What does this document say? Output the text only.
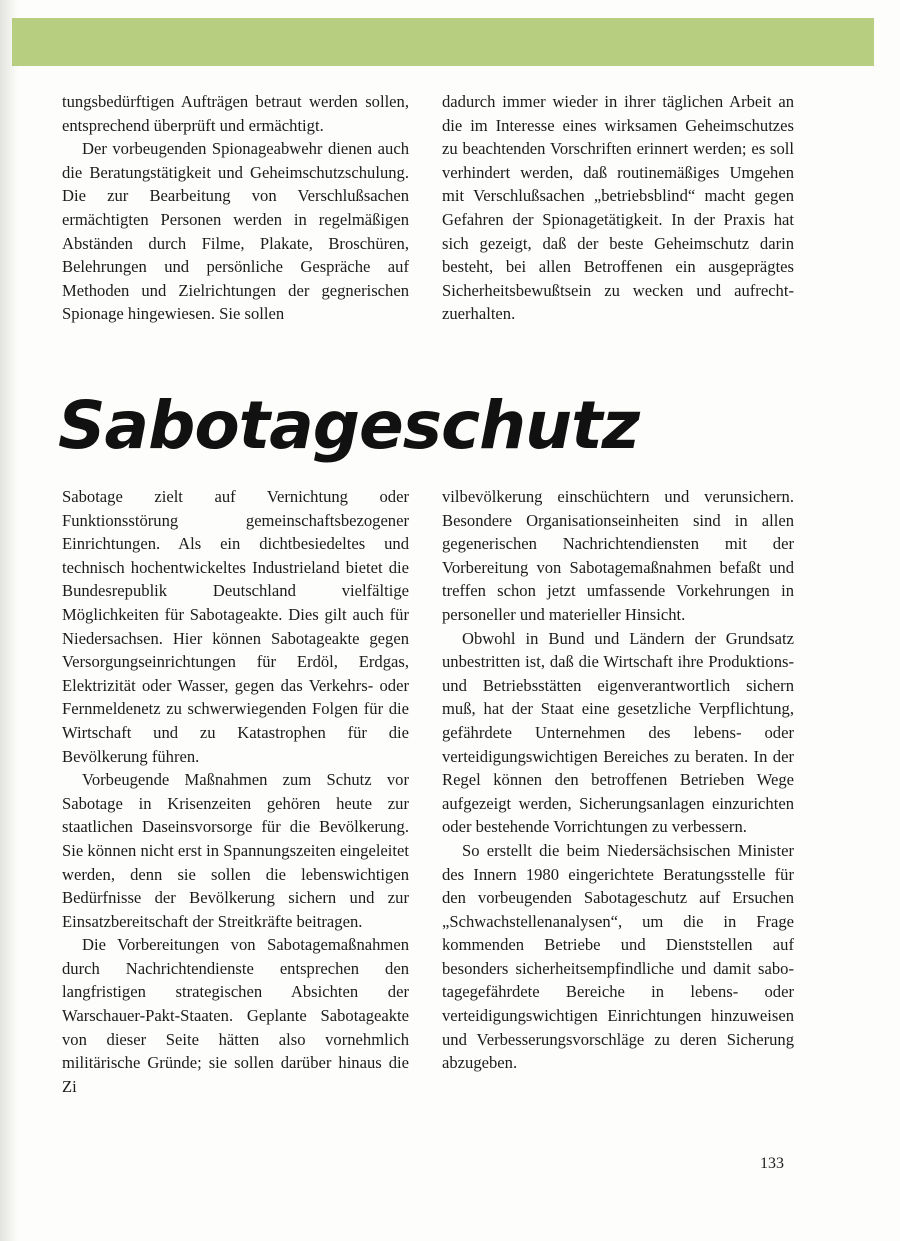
tungsbedürftigen Aufträgen betraut werden sollen, entsprechend überprüft und ermächtigt.

Der vorbeugenden Spionageabwehr dienen auch die Beratungstätigkeit und Geheimschutzschulung. Die zur Bearbeitung von Verschlußsachen ermächtigten Personen werden in regelmäßigen Abständen durch Filme, Plakate, Broschüren, Belehrungen und persönliche Gespräche auf Methoden und Zielrichtungen der gegnerischen Spionage hingewiesen. Sie sollen

dadurch immer wieder in ihrer täglichen Arbeit an die im Interesse eines wirksamen Geheimschutzes zu beachtenden Vorschriften erinnert werden; es soll verhindert werden, daß routinemäßiges Umgehen mit Verschlußsachen „betriebsblind“ macht gegen Gefahren der Spionagetätigkeit. In der Praxis hat sich gezeigt, daß der beste Geheimschutz darin besteht, bei allen Betroffenen ein ausgeprägtes Sicherheitsbewußtsein zu wecken und aufrechtzuerhalten.

Sabotageschutz

Sabotage zielt auf Vernichtung oder Funktionsstörung gemeinschaftsbezogener Einrichtungen. Als ein dichtbesiedeltes und technisch hochentwickeltes Industrieland bietet die Bundesrepublik Deutschland vielfältige Möglichkeiten für Sabotageakte. Dies gilt auch für Niedersachsen. Hier können Sabotageakte gegen Versorgungseinrichtungen für Erdöl, Erdgas, Elektrizität oder Wasser, gegen das Verkehrs- oder Fernmeldenetz zu schwerwiegenden Folgen für die Wirtschaft und zu Katastrophen für die Bevölkerung führen.

Vorbeugende Maßnahmen zum Schutz vor Sabotage in Krisenzeiten gehören heute zur staatlichen Daseinsvorsorge für die Bevölkerung. Sie können nicht erst in Spannungszeiten eingeleitet werden, denn sie sollen die lebenswichtigen Bedürfnisse der Bevölkerung sichern und zur Einsatzbereitschaft der Streitkräfte beitragen.

Die Vorbereitungen von Sabotagemaßnahmen durch Nachrichtendienste entsprechen den langfristigen strategischen Absichten der Warschauer-Pakt-Staaten. Geplante Sabotageakte von dieser Seite hätten also vornehmlich militärische Gründe; sie sollen darüber hinaus die Zi

vilbevölkerung einschüchtern und verunsichern. Besondere Organisationseinheiten sind in allen gegenerischen Nachrichtendiensten mit der Vorbereitung von Sabotagemaßnahmen befaßt und treffen schon jetzt umfassende Vorkehrungen in personeller und materieller Hinsicht.

Obwohl in Bund und Ländern der Grundsatz unbestritten ist, daß die Wirtschaft ihre Produktions- und Betriebsstätten eigenverantwortlich sichern muß, hat der Staat eine gesetzliche Verpflichtung, gefährdete Unternehmen des lebens- oder verteidigungswichtigen Bereiches zu beraten. In der Regel können den betroffenen Betrieben Wege aufgezeigt werden, Sicherungsanlagen einzurichten oder bestehende Vorrichtungen zu verbessern.

So erstellt die beim Niedersächsischen Minister des Innern 1980 eingerichtete Beratungsstelle für den vorbeugenden Sabotageschutz auf Ersuchen „Schwachstellenanalysen“, um die in Frage kommenden Betriebe und Dienststellen auf besonders sicherheitsempfindliche und damit sabotagegefährdete Bereiche in lebens- oder verteidigungswichtigen Einrichtungen hinzuweisen und Verbesserungsvorschläge zu deren Sicherung abzugeben.

133
